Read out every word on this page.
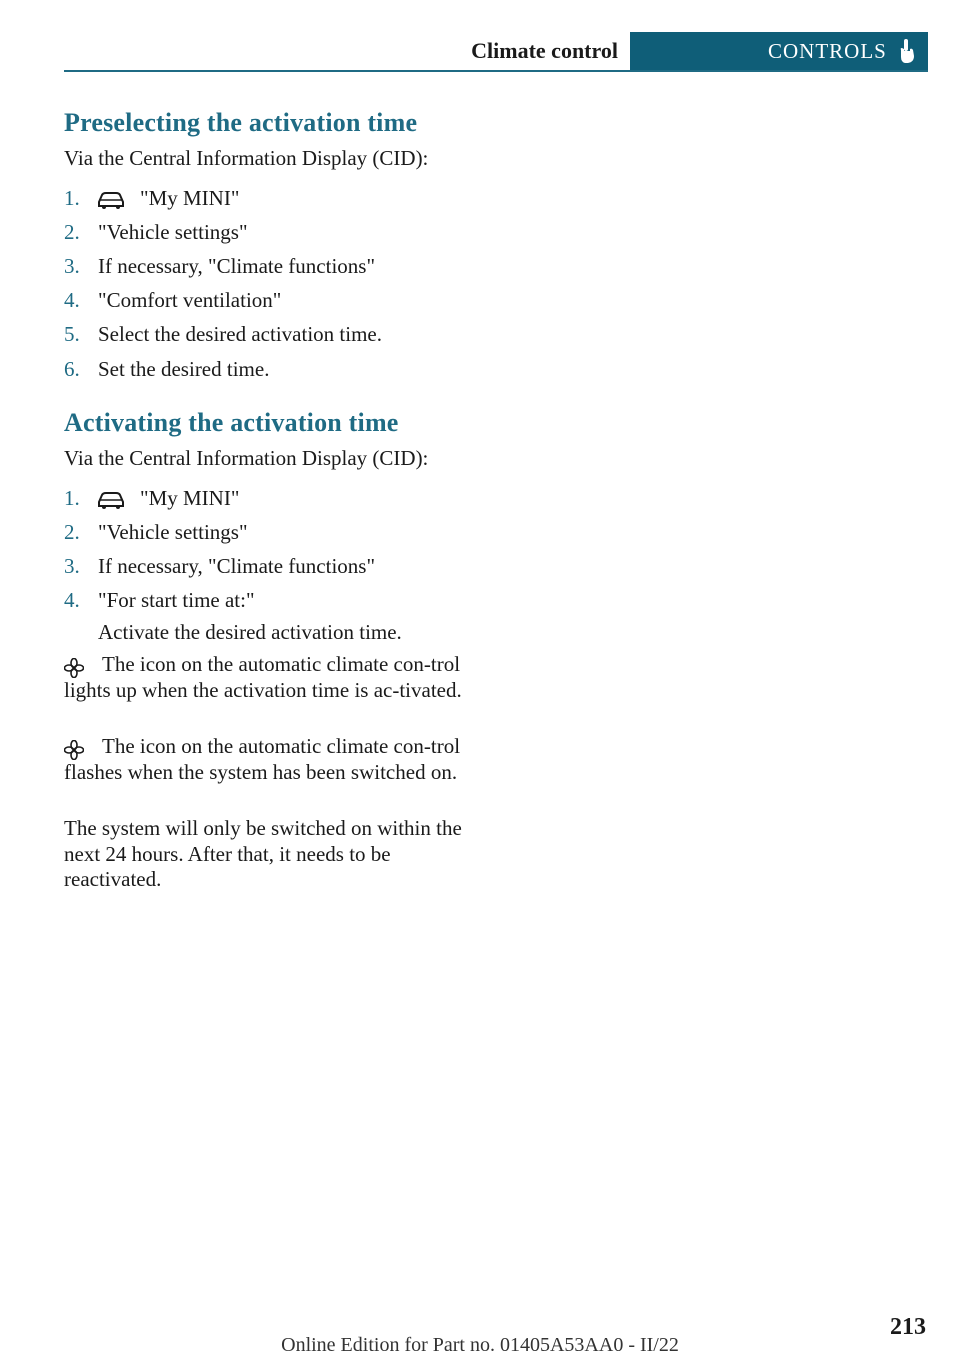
Climate control	CONTROLS
Preselecting the activation time
Via the Central Information Display (CID):
1.	"My MINI"
2. "Vehicle settings"
3. If necessary, "Climate functions"
4. "Comfort ventilation"
5. Select the desired activation time.
6. Set the desired time.
Activating the activation time
Via the Central Information Display (CID):
1.	"My MINI"
2. "Vehicle settings"
3. If necessary, "Climate functions"
4. "For start time at:"
Activate the desired activation time.
The icon on the automatic climate con-trol lights up when the activation time is ac-tivated.
The icon on the automatic climate con-trol flashes when the system has been switched on.
The system will only be switched on within the next 24 hours. After that, it needs to be reactivated.
213
Online Edition for Part no. 01405A53AA0 - II/22
